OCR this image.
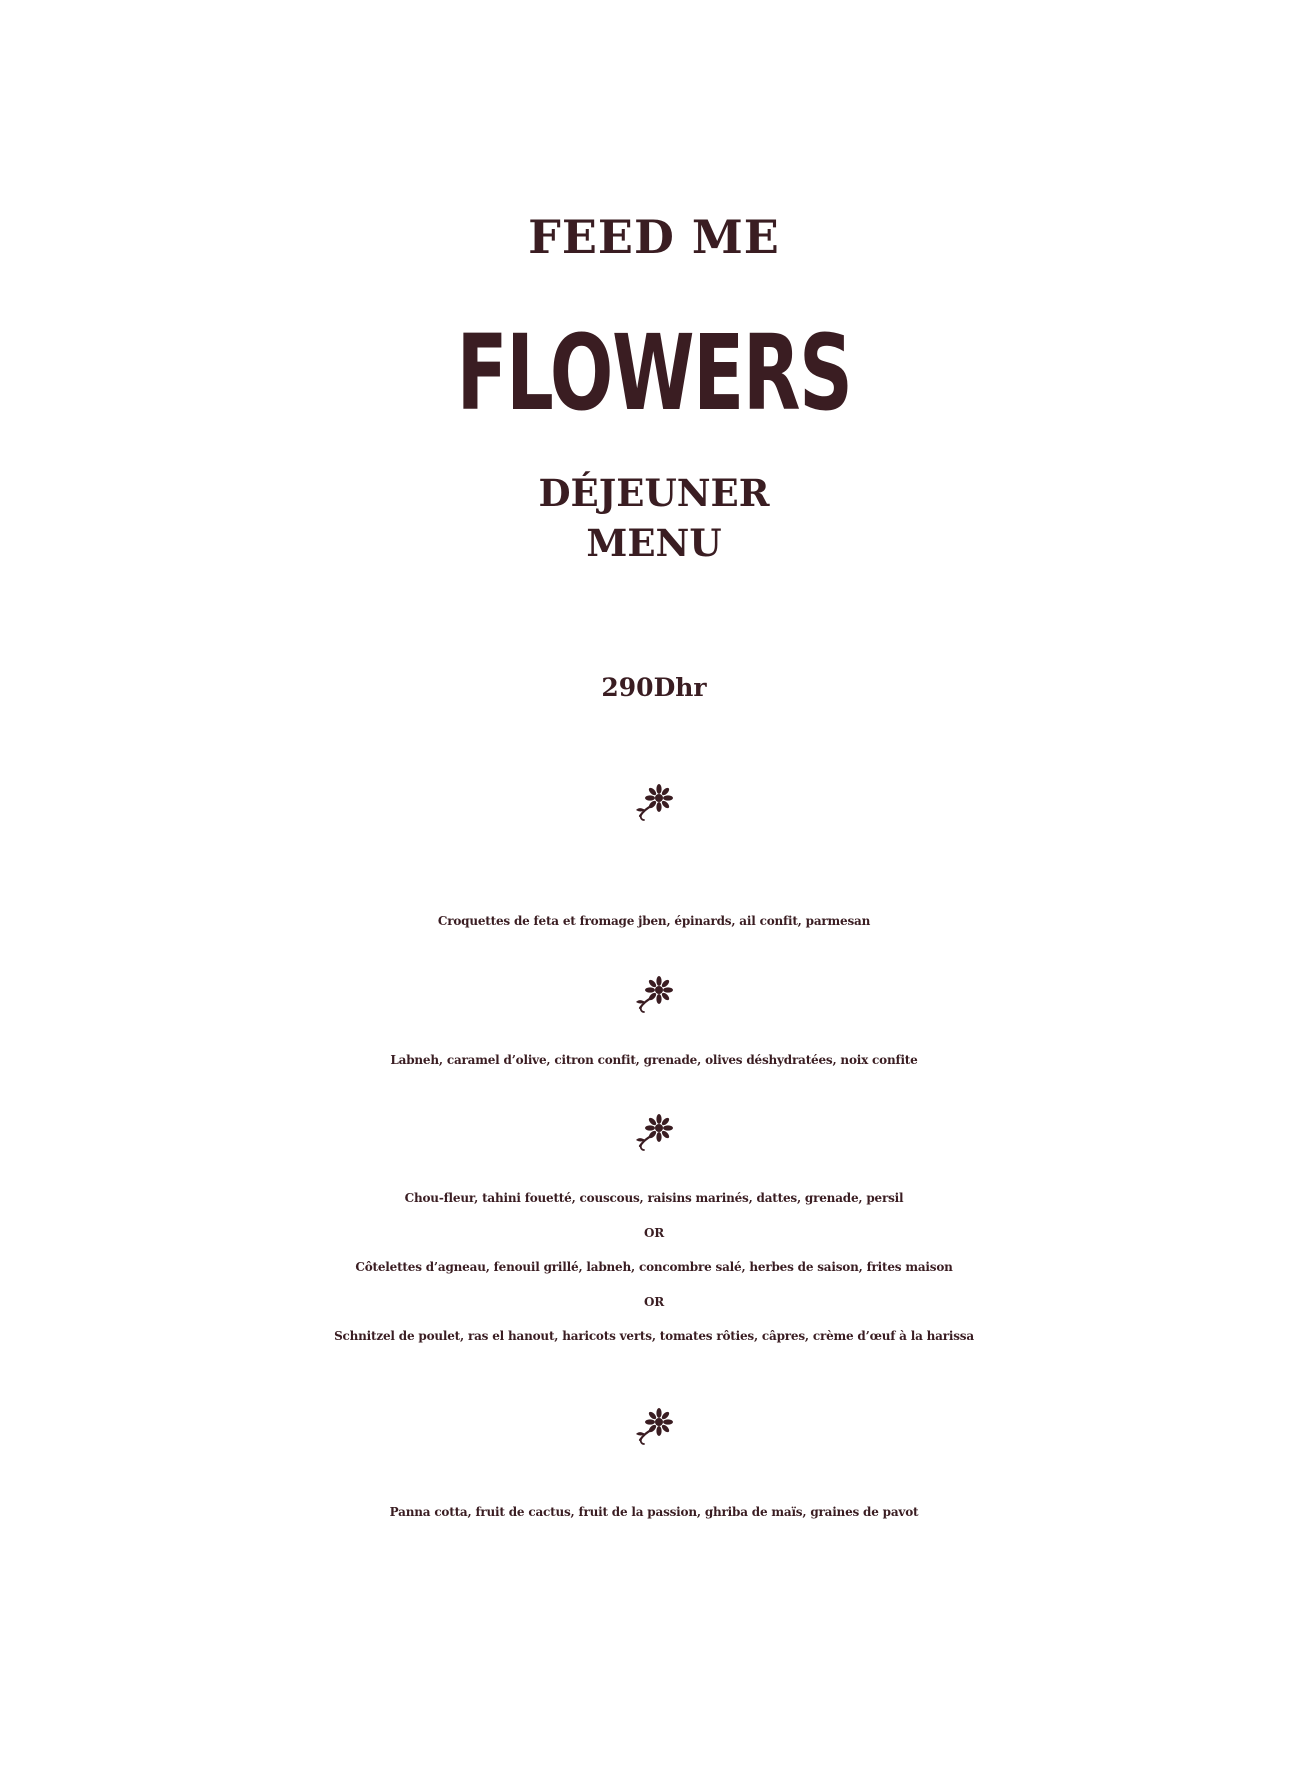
FEED ME
FLOWERS
DÉJEUNER
MENU
290Dhr
Croquettes de feta et fromage jben, épinards, ail confit, parmesan
Labneh, caramel d’olive, citron confit, grenade, olives déshydratées, noix confite
Chou-fleur, tahini fouetté, couscous, raisins marinés, dattes, grenade, persil
OR
Côtelettes d’agneau, fenouil grillé, labneh, concombre salé, herbes de saison, frites maison
OR
Schnitzel de poulet, ras el hanout, haricots verts, tomates rôties, câpres, crème d’œuf à la harissa
Panna cotta, fruit de cactus, fruit de la passion, ghriba de maïs, graines de pavot
